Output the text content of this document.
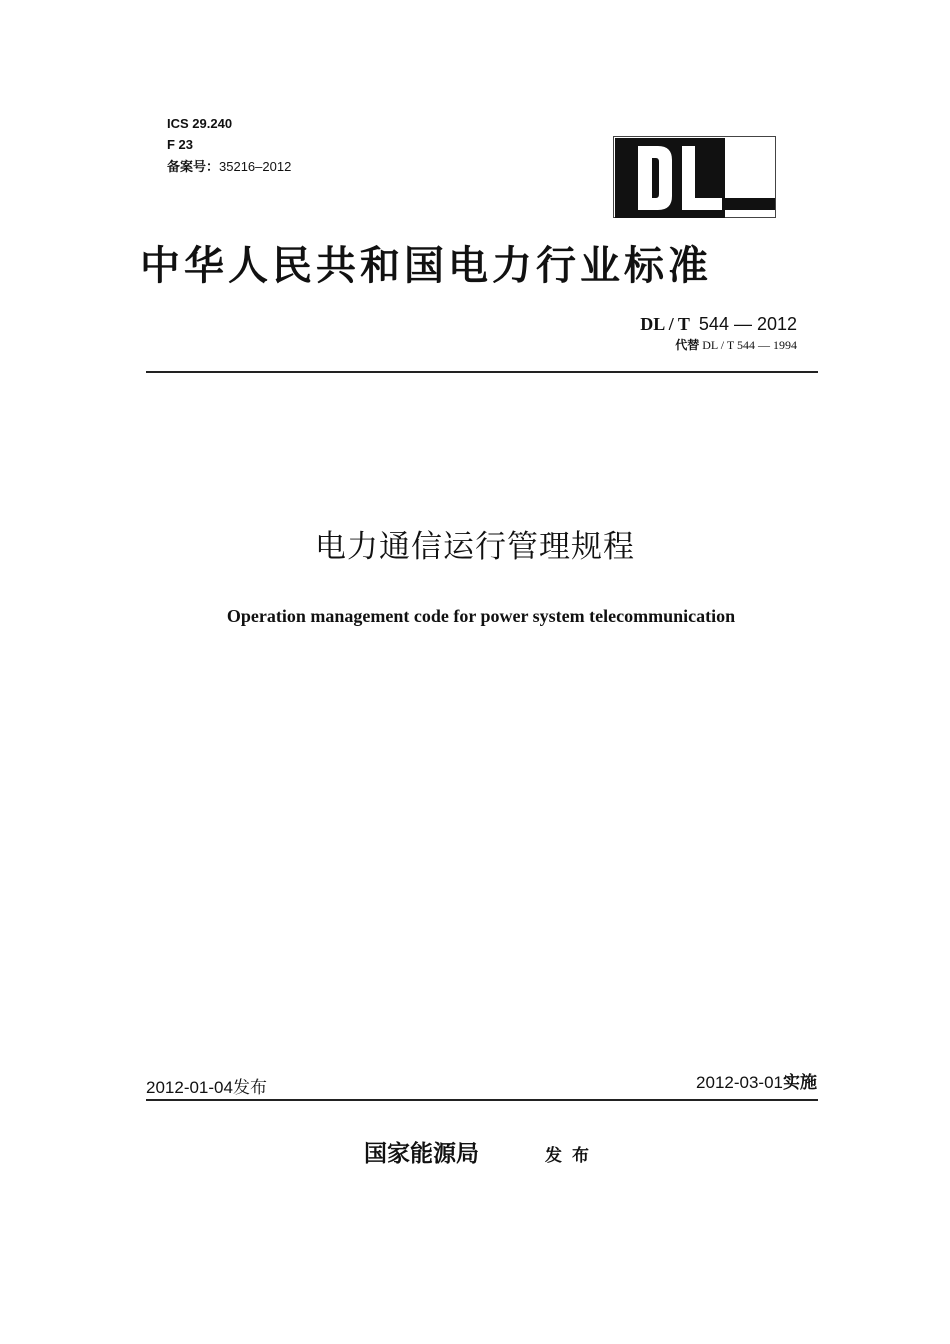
ICS 29.240
F 23
备案号：35216–2012
中华人民共和国电力行业标准
DL / T 544 — 2012
代替 DL / T 544 — 1994
电力通信运行管理规程
Operation management code for power system telecommunication
2012-01-04发布	2012-03-01实施
国家能源局	发布
